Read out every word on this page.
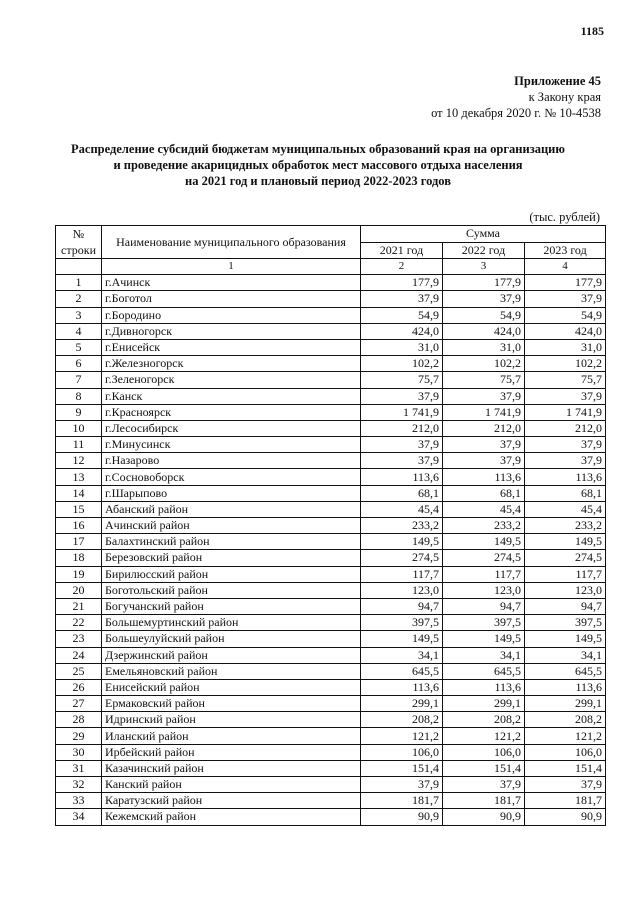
1185
Приложение 45
к Закону края
от 10 декабря 2020 г. № 10-4538
Распределение субсидий бюджетам муниципальных образований края на организацию
и проведение акарицидных обработок мест массового отдыха населения
на 2021 год и плановый период 2022-2023 годов
(тыс. рублей)
№ строки	Наименование муниципального образования	Сумма		
		2021 год	2022 год	2023 год
	1	2	3	4
1	г.Ачинск	177,9	177,9	177,9
2	г.Боготол	37,9	37,9	37,9
3	г.Бородино	54,9	54,9	54,9
4	г.Дивногорск	424,0	424,0	424,0
5	г.Енисейск	31,0	31,0	31,0
6	г.Железногорск	102,2	102,2	102,2
7	г.Зеленогорск	75,7	75,7	75,7
8	г.Канск	37,9	37,9	37,9
9	г.Красноярск	1 741,9	1 741,9	1 741,9
10	г.Лесосибирск	212,0	212,0	212,0
11	г.Минусинск	37,9	37,9	37,9
12	г.Назарово	37,9	37,9	37,9
13	г.Сосновоборск	113,6	113,6	113,6
14	г.Шарыпово	68,1	68,1	68,1
15	Абанский район	45,4	45,4	45,4
16	Ачинский район	233,2	233,2	233,2
17	Балахтинский район	149,5	149,5	149,5
18	Березовский район	274,5	274,5	274,5
19	Бирилюсский район	117,7	117,7	117,7
20	Боготольский район	123,0	123,0	123,0
21	Богучанский район	94,7	94,7	94,7
22	Большемуртинский район	397,5	397,5	397,5
23	Большеулуйский район	149,5	149,5	149,5
24	Дзержинский район	34,1	34,1	34,1
25	Емельяновский район	645,5	645,5	645,5
26	Енисейский район	113,6	113,6	113,6
27	Ермаковский район	299,1	299,1	299,1
28	Идринский район	208,2	208,2	208,2
29	Иланский район	121,2	121,2	121,2
30	Ирбейский район	106,0	106,0	106,0
31	Казачинский район	151,4	151,4	151,4
32	Канский район	37,9	37,9	37,9
33	Каратузский район	181,7	181,7	181,7
34	Кежемский район	90,9	90,9	90,9
